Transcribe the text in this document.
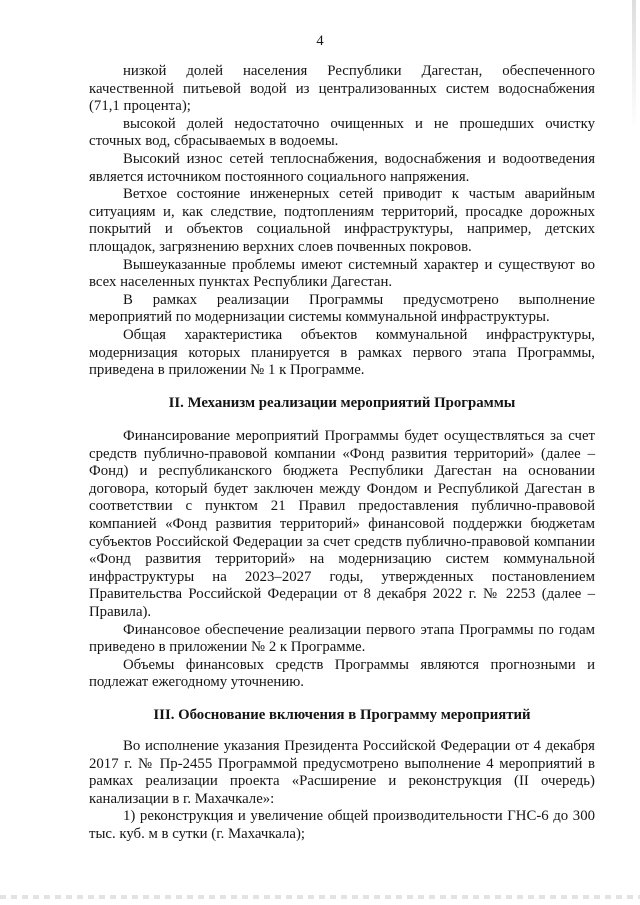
4

низкой долей населения Республики Дагестан, обеспеченного качественной питьевой водой из централизованных систем водоснабжения (71,1 процента);

высокой долей недостаточно очищенных и не прошедших очистку сточных вод, сбрасываемых в водоемы.

Высокий износ сетей теплоснабжения, водоснабжения и водоотведения является источником постоянного социального напряжения.

Ветхое состояние инженерных сетей приводит к частым аварийным ситуациям и, как следствие, подтоплениям территорий, просадке дорожных покрытий и объектов социальной инфраструктуры, например, детских площадок, загрязнению верхних слоев почвенных покровов.

Вышеуказанные проблемы имеют системный характер и существуют во всех населенных пунктах Республики Дагестан.

В рамках реализации Программы предусмотрено выполнение мероприятий по модернизации системы коммунальной инфраструктуры.

Общая характеристика объектов коммунальной инфраструктуры, модернизация которых планируется в рамках первого этапа Программы, приведена в приложении № 1 к Программе.

II. Механизм реализации мероприятий Программы

Финансирование мероприятий Программы будет осуществляться за счет средств публично-правовой компании «Фонд развития территорий» (далее – Фонд) и республиканского бюджета Республики Дагестан на основании договора, который будет заключен между Фондом и Республикой Дагестан в соответствии с пунктом 21 Правил предоставления публично-правовой компанией «Фонд развития территорий» финансовой поддержки бюджетам субъектов Российской Федерации за счет средств публично-правовой компании «Фонд развития территорий» на модернизацию систем коммунальной инфраструктуры на 2023–2027 годы, утвержденных постановлением Правительства Российской Федерации от 8 декабря 2022 г. № 2253 (далее – Правила).

Финансовое обеспечение реализации первого этапа Программы по годам приведено в приложении № 2 к Программе.

Объемы финансовых средств Программы являются прогнозными и подлежат ежегодному уточнению.

III. Обоснование включения в Программу мероприятий

Во исполнение указания Президента Российской Федерации от 4 декабря 2017 г. № Пр-2455 Программой предусмотрено выполнение 4 мероприятий в рамках реализации проекта «Расширение и реконструкция (II очередь) канализации в г. Махачкале»:

1) реконструкция и увеличение общей производительности ГНС-6 до 300 тыс. куб. м в сутки (г. Махачкала);
